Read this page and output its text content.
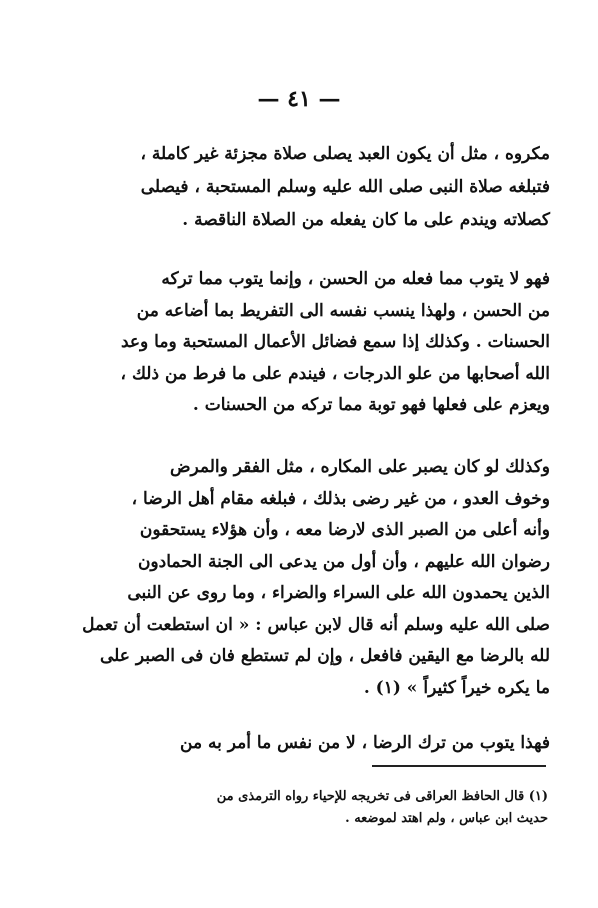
— ٤١ —
مكروه ، مثل أن يكون العبد يصلى صلاة مجزئة غير كاملة ،
فتبلغه صلاة النبى صلى الله عليه وسلم المستحبة ، فيصلى
كصلاته ويندم على ما كان يفعله من الصلاة الناقصة .
فهو لا يتوب مما فعله من الحسن ، وإنما يتوب مما تركه
من الحسن ، ولهذا ينسب نفسه الى التفريط بما أضاعه من
الحسنات . وكذلك إذا سمع فضائل الأعمال المستحبة وما وعد
الله أصحابها من علو الدرجات ، فيندم على ما فرط من ذلك ،
ويعزم على فعلها فهو توبة مما تركه من الحسنات .
وكذلك لو كان يصبر على المكاره ، مثل الفقر والمرض
وخوف العدو ، من غير رضى بذلك ، فبلغه مقام أهل الرضا ،
وأنه أعلى من الصبر الذى لارضا معه ، وأن هؤلاء يستحقون
رضوان الله عليهم ، وأن أول من يدعى الى الجنة الحمادون
الذين يحمدون الله على السراء والضراء ، وما روى عن النبى
صلى الله عليه وسلم أنه قال لابن عباس : « ان استطعت أن تعمل
لله بالرضا مع اليقين فافعل ، وإن لم تستطع فان فى الصبر على
ما يكره خيراً كثيراً » (١) .
فهذا يتوب من ترك الرضا ، لا من نفس ما أمر به من
(١) قال الحافظ العراقى فى تخريجه للإحياء رواه الترمذى من
حديث ابن عباس ، ولم اهتد لموضعه .
